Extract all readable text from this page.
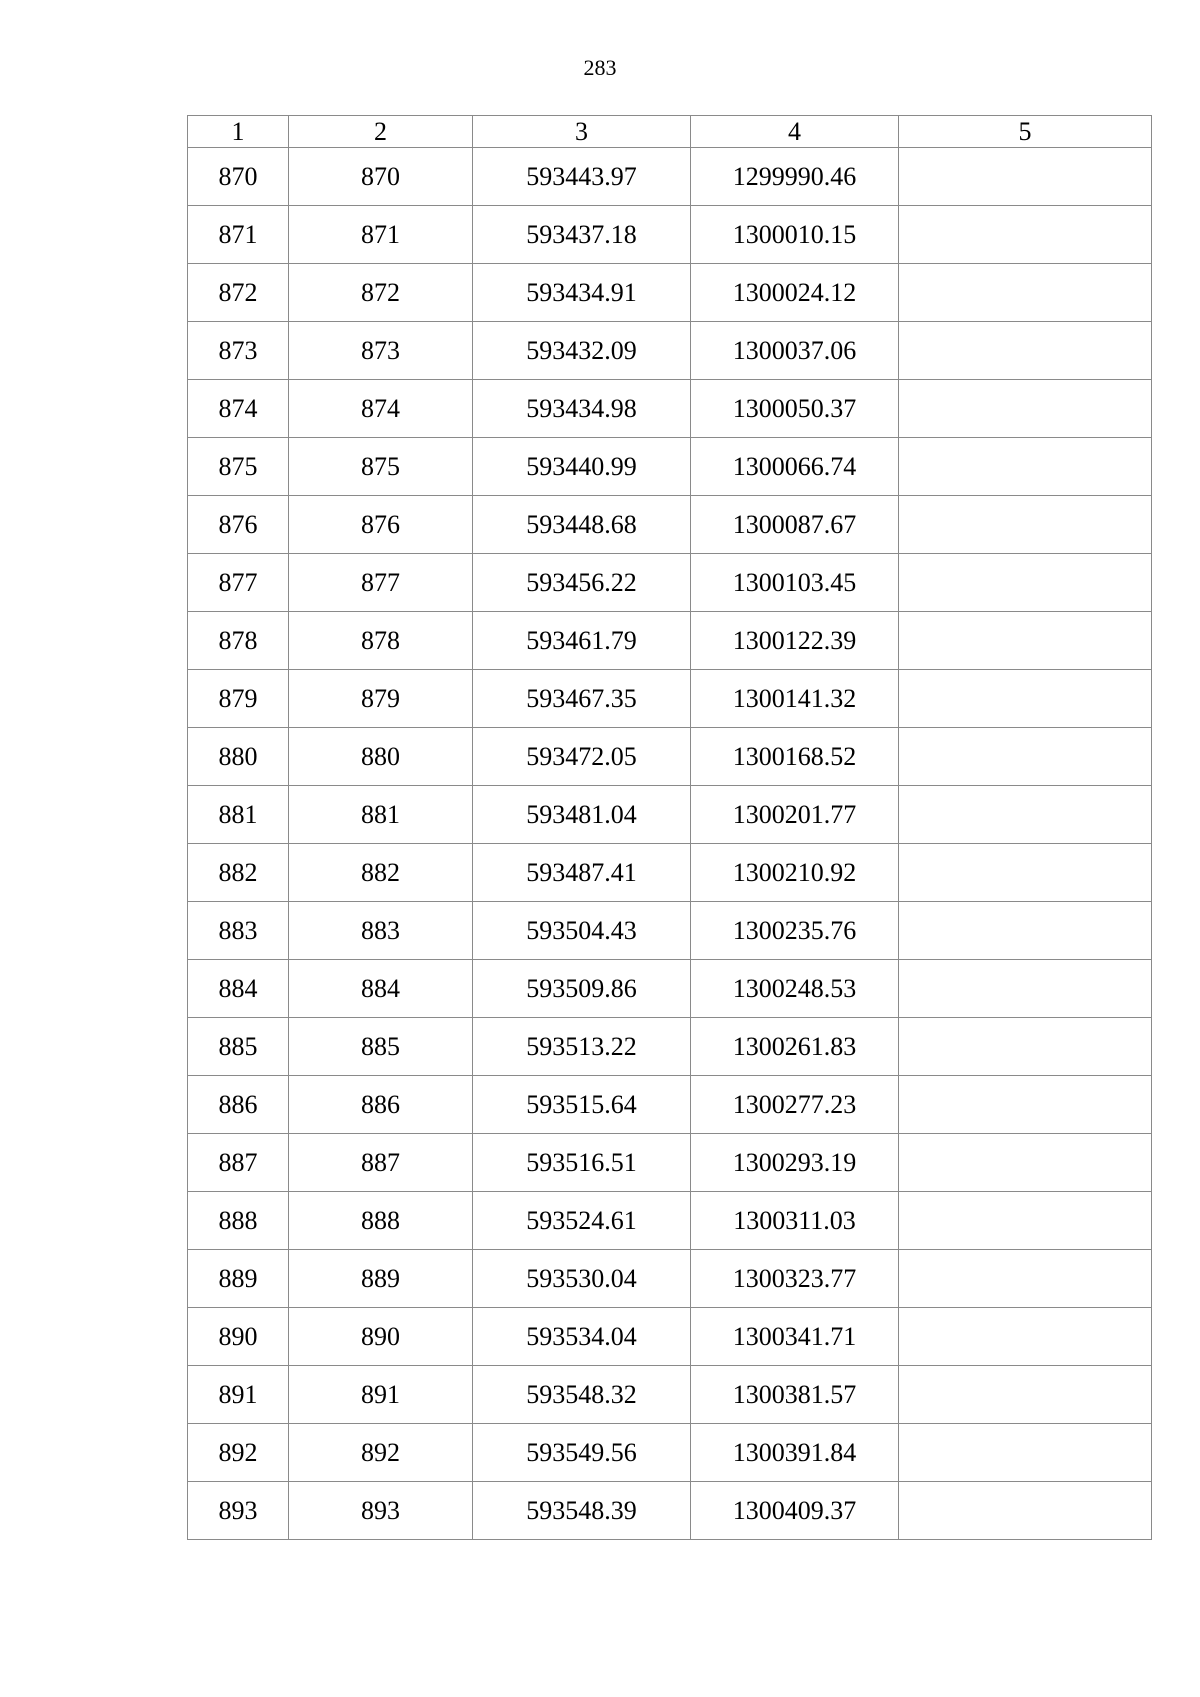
283
1	2	3	4	5
870	870	593443.97	1299990.46	
871	871	593437.18	1300010.15	
872	872	593434.91	1300024.12	
873	873	593432.09	1300037.06	
874	874	593434.98	1300050.37	
875	875	593440.99	1300066.74	
876	876	593448.68	1300087.67	
877	877	593456.22	1300103.45	
878	878	593461.79	1300122.39	
879	879	593467.35	1300141.32	
880	880	593472.05	1300168.52	
881	881	593481.04	1300201.77	
882	882	593487.41	1300210.92	
883	883	593504.43	1300235.76	
884	884	593509.86	1300248.53	
885	885	593513.22	1300261.83	
886	886	593515.64	1300277.23	
887	887	593516.51	1300293.19	
888	888	593524.61	1300311.03	
889	889	593530.04	1300323.77	
890	890	593534.04	1300341.71	
891	891	593548.32	1300381.57	
892	892	593549.56	1300391.84	
893	893	593548.39	1300409.37	
